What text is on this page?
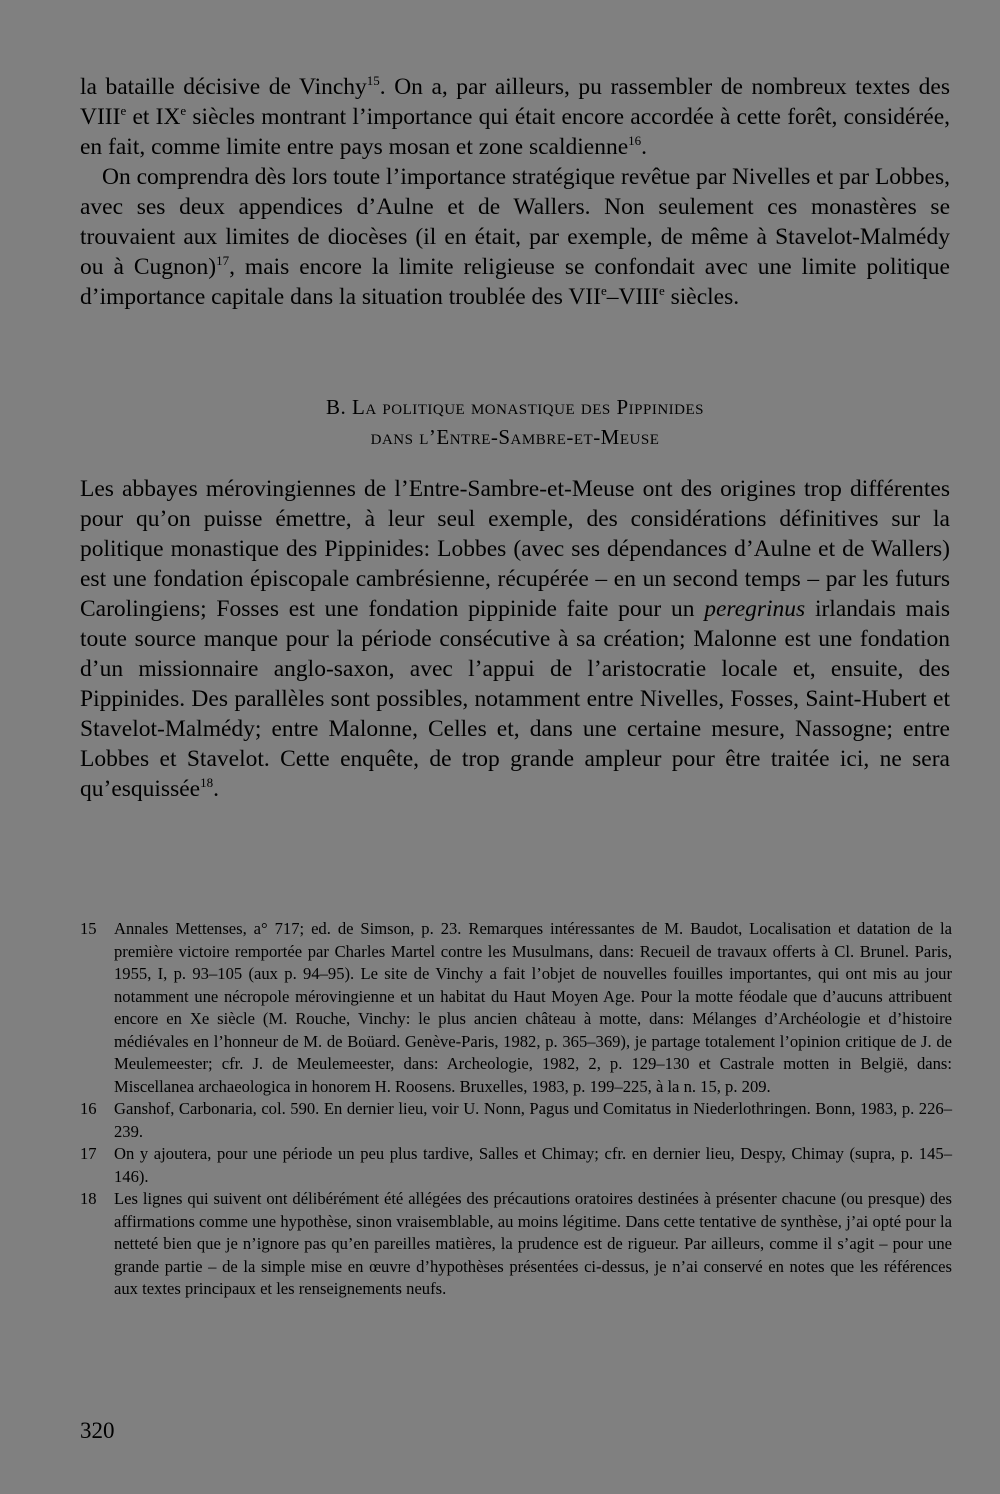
la bataille décisive de Vinchy$^{15}$. On a, par ailleurs, pu rassembler de nombreux textes des VIIIe et IXe siècles montrant l’importance qui était encore accordée à cette forêt, considérée, en fait, comme limite entre pays mosan et zone scaldienne$^{16}$.
On comprendra dès lors toute l’importance stratégique revêtue par Nivelles et par Lobbes, avec ses deux appendices d’Aulne et de Wallers. Non seulement ces monastères se trouvaient aux limites de diocèses (il en était, par exemple, de même à Stavelot-Malmédy ou à Cugnon)$^{17}$, mais encore la limite religieuse se confondait avec une limite politique d’importance capitale dans la situation troublée des VIIe–VIIIe siècles.
B. La politique monastique des Pippinides
dans l’Entre-Sambre-et-Meuse
Les abbayes mérovingiennes de l’Entre-Sambre-et-Meuse ont des origines trop différentes pour qu’on puisse émettre, à leur seul exemple, des considérations définitives sur la politique monastique des Pippinides: Lobbes (avec ses dépendances d’Aulne et de Wallers) est une fondation épiscopale cambrésienne, récupérée – en un second temps – par les futurs Carolingiens; Fosses est une fondation pippinide faite pour un peregrinus irlandais mais toute source manque pour la période consécutive à sa création; Malonne est une fondation d’un missionnaire anglo-saxon, avec l’appui de l’aristocratie locale et, ensuite, des Pippinides. Des parallèles sont possibles, notamment entre Nivelles, Fosses, Saint-Hubert et Stavelot-Malmédy; entre Malonne, Celles et, dans une certaine mesure, Nassogne; entre Lobbes et Stavelot. Cette enquête, de trop grande ampleur pour être traitée ici, ne sera qu’esquissée$^{18}$.
15	Annales Mettenses, a° 717; ed. de Simson, p. 23. Remarques intéressantes de M. Baudot, Localisation et datation de la première victoire remportée par Charles Martel contre les Musulmans, dans: Recueil de travaux offerts à Cl. Brunel. Paris, 1955, I, p. 93–105 (aux p. 94–95). Le site de Vinchy a fait l’objet de nouvelles fouilles importantes, qui ont mis au jour notamment une nécropole mérovingienne et un habitat du Haut Moyen Age. Pour la motte féodale que d’aucuns attribuent encore en Xe siècle (M. Rouche, Vinchy: le plus ancien château à motte, dans: Mélanges d’Archéologie et d’histoire médiévales en l’honneur de M. de Boüard. Genève-Paris, 1982, p. 365–369), je partage totalement l’opinion critique de J. de Meulemeester; cfr. J. de Meulemeester, dans: Archeologie, 1982, 2, p. 129–130 et Castrale motten in België, dans: Miscellanea archaeologica in honorem H. Roosens. Bruxelles, 1983, p. 199–225, à la n. 15, p. 209.
16	Ganshof, Carbonaria, col. 590. En dernier lieu, voir U. Nonn, Pagus und Comitatus in Niederlothringen. Bonn, 1983, p. 226–239.
17	On y ajoutera, pour une période un peu plus tardive, Salles et Chimay; cfr. en dernier lieu, Despy, Chimay (supra, p. 145–146).
18	Les lignes qui suivent ont délibérément été allégées des précautions oratoires destinées à présenter chacune (ou presque) des affirmations comme une hypothèse, sinon vraisemblable, au moins légitime. Dans cette tentative de synthèse, j’ai opté pour la netteté bien que je n’ignore pas qu’en pareilles matières, la prudence est de rigueur. Par ailleurs, comme il s’agit – pour une grande partie – de la simple mise en œuvre d’hypothèses présentées ci-dessus, je n’ai conservé en notes que les références aux textes principaux et les renseignements neufs.
320
